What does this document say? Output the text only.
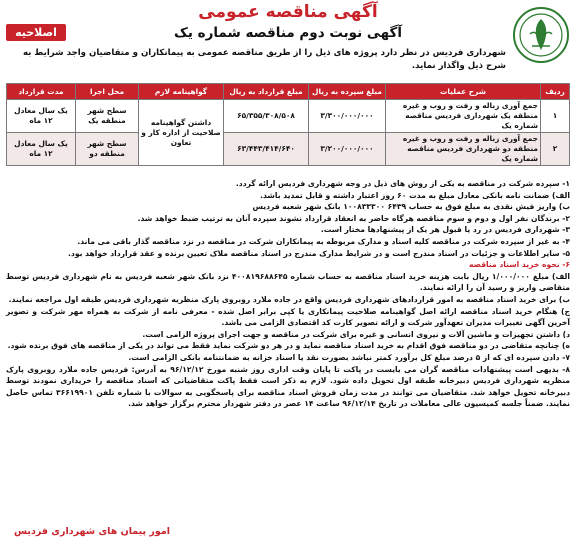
اصلاحیه
آگهی مناقصه عمومی
آگهی نوبت دوم مناقصه شماره یک
شهرداری فردیس در نظر دارد پروژه های ذیل را از طریق مناقصه عمومی به پیمانکاران و متقاضیان واجد شرایط به شرح ذیل واگذار نماید.
ردیف	شرح عملیات	مبلغ سپرده به ریال	مبلغ قرارداد به ریال	گواهینامه لازم	محل اجرا	مدت قرارداد
۱	جمع آوری زباله و رفت و روب و غیره منطقه یک شهرداری فردیس مناقصه شماره یک	۳/۳۰۰/۰۰۰/۰۰۰	۶۵/۳۵۵/۳۰۸/۵۰۸	داشتن گواهینامه صلاحیت از اداره کار و تعاون	سطح شهر منطقه یک	یک سال معادل ۱۲ ماه
۲	جمع آوری زباله و رفت و روب و غیره منطقه دو شهرداری فردیس مناقصه شماره یک	۳/۲۰۰/۰۰۰/۰۰۰	۶۳/۴۴۳/۴۱۴/۶۴۰		سطح شهر منطقه دو	یک سال معادل ۱۲ ماه

۱- سپرده شرکت در مناقصه به یکی از روش های ذیل در وجه شهرداری فردیس ارائه گردد.

الف) ضمانت نامه بانکی معادل مبلغ به مدت ۶۰ روز اعتبار داشته و قابل تمدید باشد.

ب) واریز فیش نقدی به مبلغ فوق به حساب ۶۴۳۹ ۱۰۰۸۳۳۳۰۰ بانک شهر شعبه فردیس

۲- برندگان نفر اول و دوم و سوم مناقصه هرگاه حاضر به انعقاد قرارداد نشوند سپرده آنان به ترتیب ضبط خواهد شد.

۳- شهرداری فردیس در رد یا قبول هر یک از پیشنهادها مختار است.

۴- به غیر از سپرده شرکت در مناقصه کلیه اسناد و مدارک مربوطه به پیمانکاران شرکت در مناقصه در نزد مناقصه گذار باقی می ماند.

۵- سایر اطلاعات و جزئیات در اسناد مندرج است و در شرایط مدارک مندرج در اسناد مناقصه ملاک تعیین برنده و عقد قرارداد خواهد بود.

۶- نحوه خرید اسناد مناقصه

الف) مبلغ ۱/۰۰۰/۰۰۰ ریال بابت هزینه خرید اسناد مناقصه به حساب شماره ۴۰۰۸۱۹۶۸۸۶۴۵ نزد بانک شهر شعبه فردیس به نام شهرداری فردیس توسط متقاضی واریز و رسید آن را ارائه نمایند.

ب) برای خرید اسناد مناقصه به امور قراردادهای شهرداری فردیس واقع در جاده ملارد روبروی پارک منظریه شهرداری فردیس طبقه اول مراجعه نمایند.

ج) هنگام خرید اسناد مناقصه ارائه اصل گواهینامه صلاحیت پیمانکاری یا کپی برابر اصل شده - معرفی نامه از شرکت به همراه مهر شرکت و تصویر آخرین آگهی تغییرات مدیران تعهدآور شرکت و ارائه تصویر کارت کد اقتصادی الزامی می باشد.

د) داشتن تجهیزات و ماشین آلات و نیروی انسانی و غیره برای شرکت در مناقصه و جهت اجرای پروژه الزامی است.

ه) چنانچه متقاضی در دو مناقصه فوق اقدام به خرید اسناد مناقصه نماید و در هر دو شرکت نماید فقط می تواند در یکی از مناقصه های فوق برنده شود.

۷- دادن سپرده ای که از ۵ درصد مبلغ کل برآورد کمتر نباشد بصورت نقد یا اسناد خزانه به ضمانتنامه بانکی الزامی است.

۸- بدیهی است پیشنهادات مناقصه گران می بایست در پاکت تا پایان وقت اداری روز شنبه مورخ ۹۶/۱۲/۱۲ به آدرس: فردیس جاده ملارد روبروی پارک منظریه شهرداری فردیس دبیرخانه طبقه اول تحویل داده شود. لازم به ذکر است فقط پاکت متقاضیانی که اسناد مناقصه را خریداری نمودند توسط دبیرخانه تحویل خواهد شد. متقاضیان می توانند در مدت زمان فروش اسناد مناقصه برای پاسخگویی به سوالات با شماره تلفن ۳۶۶۱۹۹۰۱ تماس حاصل نمایند. ضمناً جلسه کمیسیون عالی معاملات در تاریخ ۹۶/۱۲/۱۴ ساعت ۱۴ عصر در دفتر شهردار محترم برگزار خواهد شد.

امور پیمان های شهرداری فردیس
